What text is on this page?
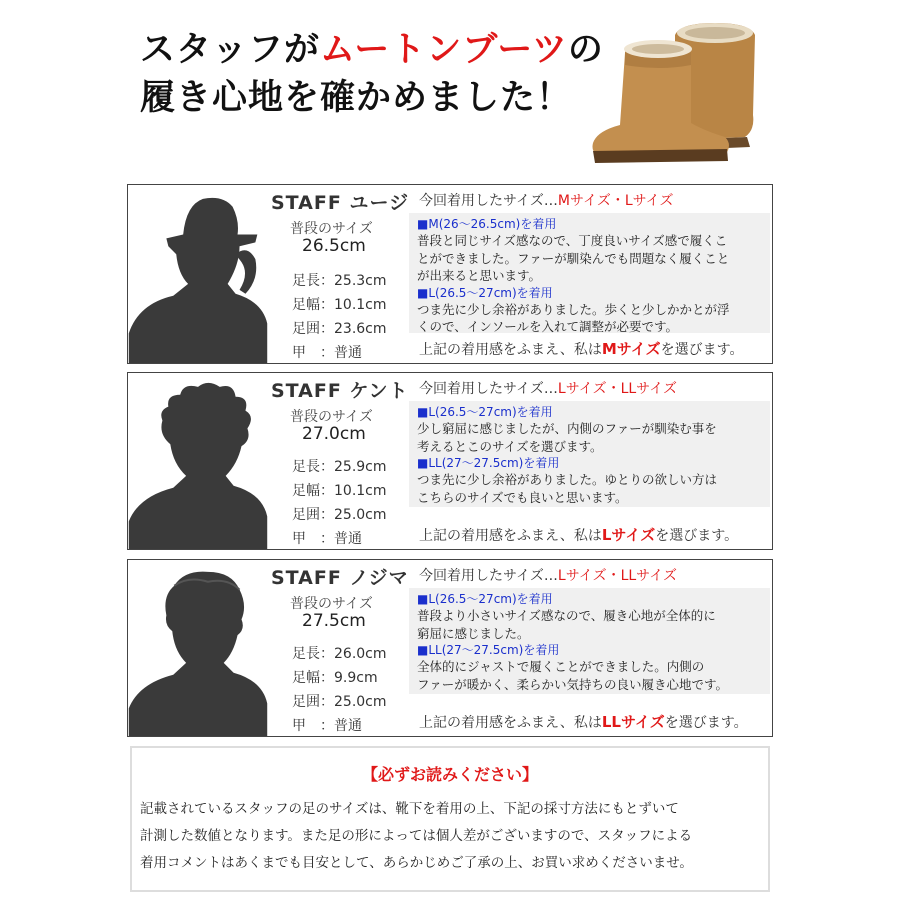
スタッフがムートンブーツの
履き心地を確かめました！
STAFF ユージ
普段のサイズ
26.5cm
足長：25.3cm
足幅：10.1cm
足囲：23.6cm
甲　：普通
今回着用したサイズ…Mサイズ・Lサイズ
■M(26～26.5cm)を着用
普段と同じサイズ感なので、丁度良いサイズ感で履くこ
とができました。ファーが馴染んでも問題なく履くこと
が出来ると思います。
■L(26.5～27cm)を着用
つま先に少し余裕がありました。歩くと少しかかとが浮
くので、インソールを入れて調整が必要です。
上記の着用感をふまえ、私はMサイズを選びます。
STAFF ケント
普段のサイズ
27.0cm
足長：25.9cm
足幅：10.1cm
足囲：25.0cm
甲　：普通
今回着用したサイズ…Lサイズ・LLサイズ
■L(26.5～27cm)を着用
少し窮屈に感じましたが、内側のファーが馴染む事を
考えるとこのサイズを選びます。
■LL(27～27.5cm)を着用
つま先に少し余裕がありました。ゆとりの欲しい方は
こちらのサイズでも良いと思います。
上記の着用感をふまえ、私はLサイズを選びます。
STAFF ノジマ
普段のサイズ
27.5cm
足長：26.0cm
足幅：9.9cm
足囲：25.0cm
甲　：普通
今回着用したサイズ…Lサイズ・LLサイズ
■L(26.5～27cm)を着用
普段より小さいサイズ感なので、履き心地が全体的に
窮屈に感じました。
■LL(27～27.5cm)を着用
全体的にジャストで履くことができました。内側の
ファーが暖かく、柔らかい気持ちの良い履き心地です。
上記の着用感をふまえ、私はLLサイズを選びます。
【必ずお読みください】
記載されているスタッフの足のサイズは、靴下を着用の上、下記の採寸方法にもとずいて
計測した数値となります。また足の形によっては個人差がございますので、スタッフによる
着用コメントはあくまでも目安として、あらかじめご了承の上、お買い求めくださいませ。
